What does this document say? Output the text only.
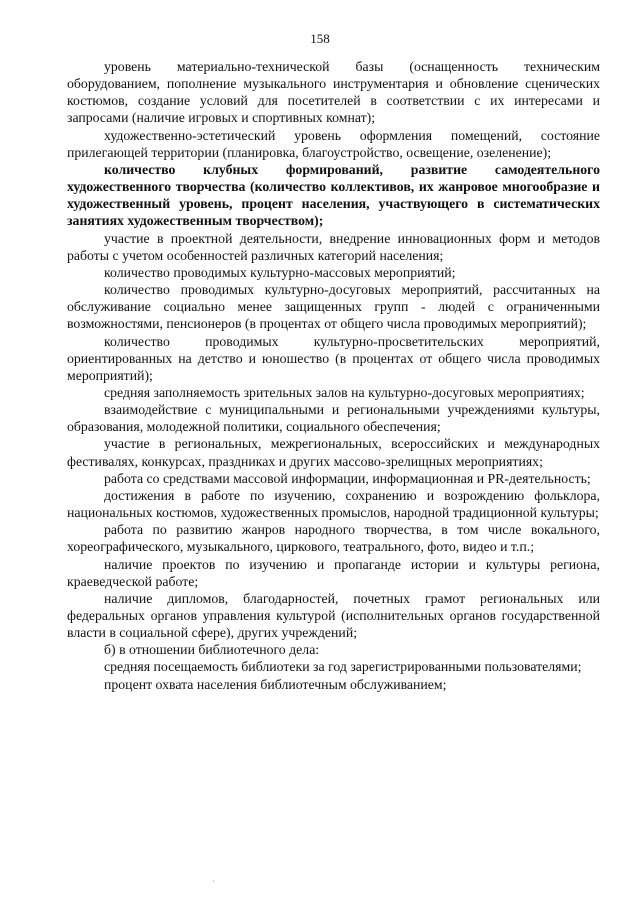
158

уровень материально-технической базы (оснащенность техническим оборудованием, пополнение музыкального инструментария и обновление сценических костюмов, создание условий для посетителей в соответствии с их интересами и запросами (наличие игровых и спортивных комнат);

художественно-эстетический уровень оформления помещений, состояние прилегающей территории (планировка, благоустройство, освещение, озеленение);

количество клубных формирований, развитие самодеятельного художественного творчества (количество коллективов, их жанровое многообразие и художественный уровень, процент населения, участвующего в систематических занятиях художественным творчеством);

участие в проектной деятельности, внедрение инновационных форм и методов работы с учетом особенностей различных категорий населения;

количество проводимых культурно-массовых мероприятий;

количество проводимых культурно-досуговых мероприятий, рассчитанных на обслуживание социально менее защищенных групп - людей с ограниченными возможностями, пенсионеров (в процентах от общего числа проводимых мероприятий);

количество проводимых культурно-просветительских мероприятий, ориентированных на детство и юношество (в процентах от общего числа проводимых мероприятий);

средняя заполняемость зрительных залов на культурно-досуговых мероприятиях;

взаимодействие с муниципальными и региональными учреждениями культуры, образования, молодежной политики, социального обеспечения;

участие в региональных, межрегиональных, всероссийских и международных фестивалях, конкурсах, праздниках и других массово-зрелищных мероприятиях;

работа со средствами массовой информации, информационная и PR-деятельность;

достижения в работе по изучению, сохранению и возрождению фольклора, национальных костюмов, художественных промыслов, народной традиционной культуры;

работа по развитию жанров народного творчества, в том числе вокального, хореографического, музыкального, циркового, театрального, фото, видео и т.п.;

наличие проектов по изучению и пропаганде истории и культуры региона, краеведческой работе;

наличие дипломов, благодарностей, почетных грамот региональных или федеральных органов управления культурой (исполнительных органов государственной власти в социальной сфере), других учреждений;

б) в отношении библиотечного дела:

средняя посещаемость библиотеки за год зарегистрированными пользователями;

процент охвата населения библиотечным обслуживанием;

`
